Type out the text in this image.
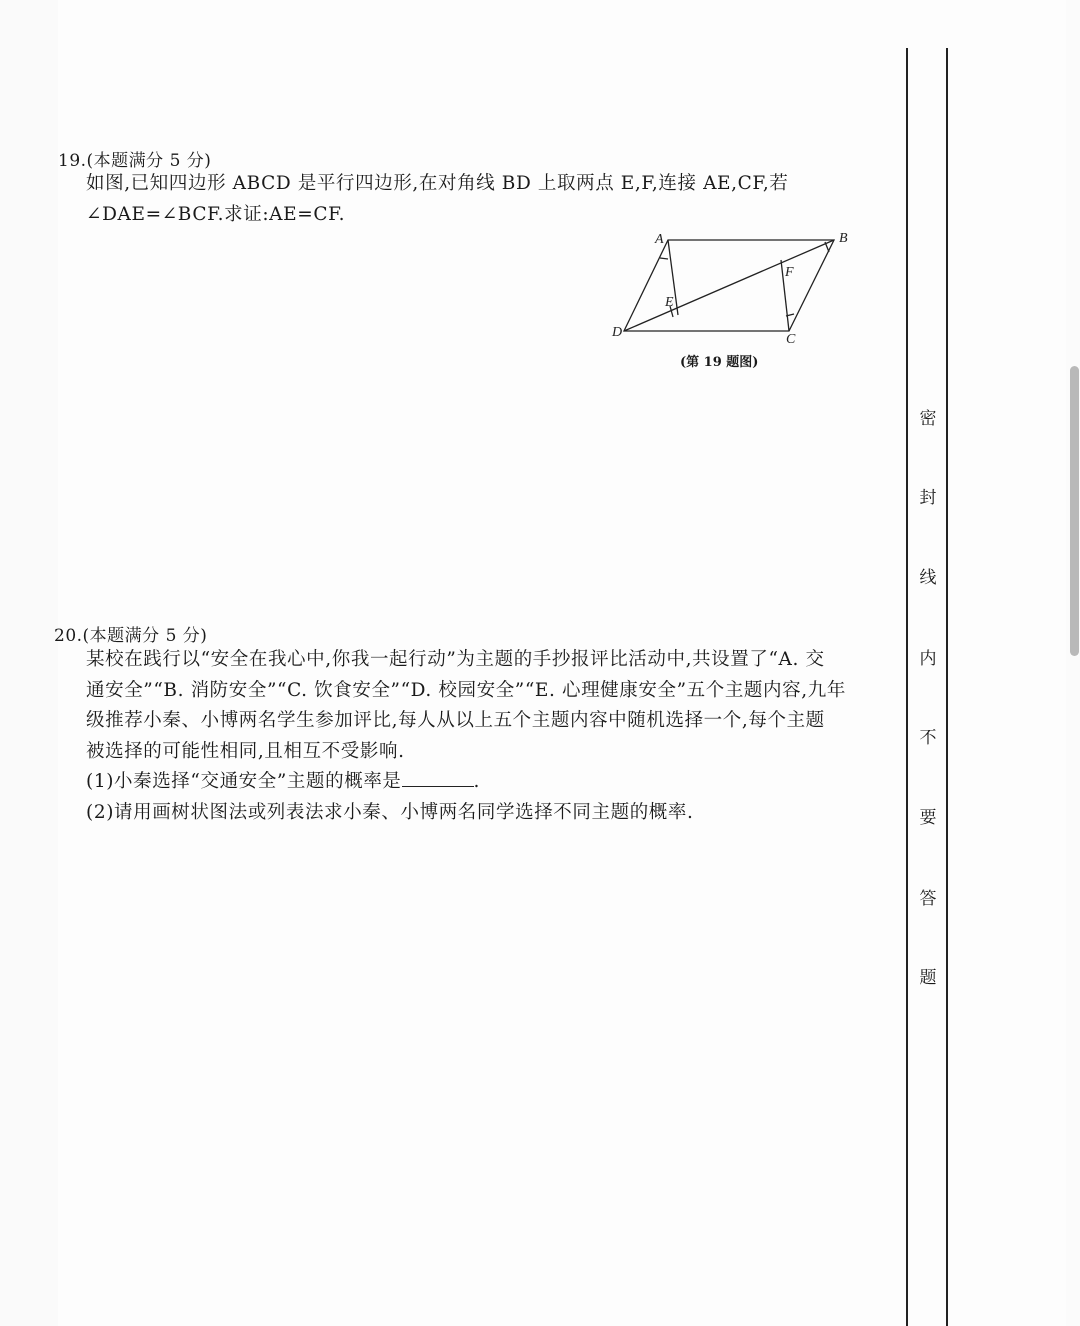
19.(本题满分 5 分)
如图,已知四边形 ABCD 是平行四边形,在对角线 BD 上取两点 E,F,连接 AE,CF,若
∠DAE=∠BCF.求证:AE=CF.
A	B
C
D
E
F
(第 19 题图)
20.(本题满分 5 分)
某校在践行以“安全在我心中,你我一起行动”为主题的手抄报评比活动中,共设置了“A. 交
通安全”“B. 消防安全”“C. 饮食安全”“D. 校园安全”“E. 心理健康安全”五个主题内容,九年
级推荐小秦、小博两名学生参加评比,每人从以上五个主题内容中随机选择一个,每个主题
被选择的可能性相同,且相互不受影响.
(1)小秦选择“交通安全”主题的概率是	.
(2)请用画树状图法或列表法求小秦、小博两名同学选择不同主题的概率.
密
封
线
内
不
要
答
题
